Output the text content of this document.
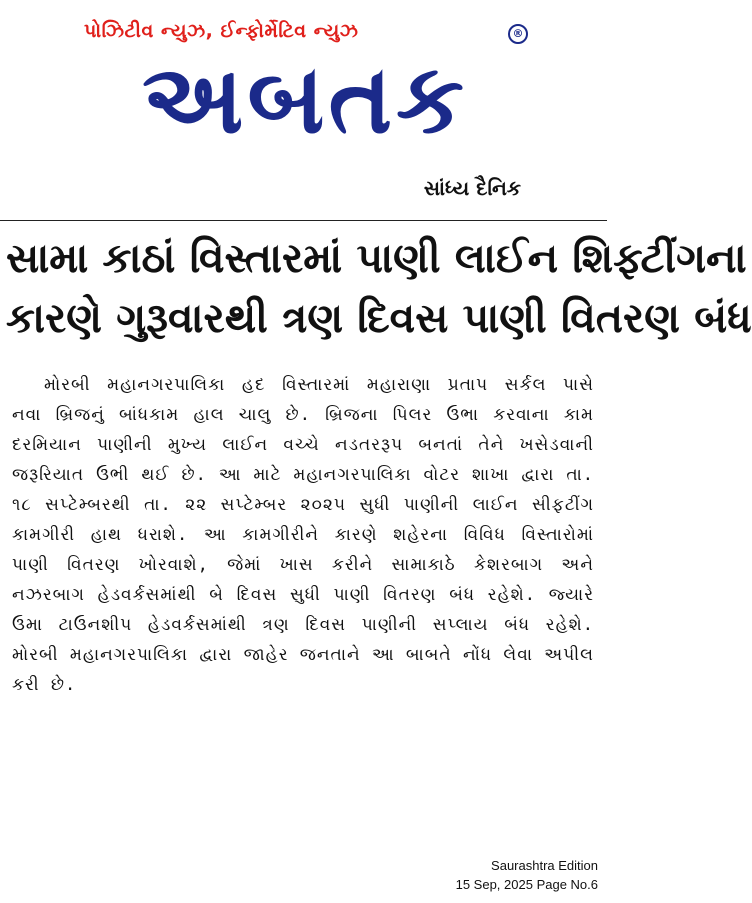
પોઝિટીવ ન્યુઝ, ઈન્ફોર્મેટિવ ન્યુઝ	®
અબતક
સાંધ્ય દૈનિક
સામા કાઠાં વિસ્તારમાં પાણી લાઈન શિફ્ટીંગના
કારણે ગુરૂવારથી ત્રણ દિવસ પાણી વિતરણ બંધ
મોરબી મહાનગરપાલિકા હદ વિસ્તારમાં મહારાણા પ્રતાપ સર્કલ પાસે નવા બ્રિજનું બાંધકામ હાલ ચાલુ છે. બ્રિજના પિલર ઉભા કરવાના કામ દરમિયાન પાણીની મુખ્ય લાઈન વચ્ચે નડતરરૂપ બનતાં તેને ખસેડવાની જરૂરિયાત ઉભી થઈ છે. આ માટે મહાનગરપાલિકા વોટર શાખા દ્વારા તા. ૧૮ સપ્ટેમ્બરથી તા. ૨૨ સપ્ટેમ્બર ૨૦૨૫ સુધી પાણીની લાઈન સીફટીંગ કામગીરી હાથ ધરાશે. આ કામગીરીને કારણે શહેરના વિવિધ વિસ્તારોમાં પાણી વિતરણ ખોરવાશે, જેમાં ખાસ કરીને સામાકાઠે કેશરબાગ અને નઝરબાગ હેડવર્કસમાંથી બે દિવસ સુધી પાણી વિતરણ બંધ રહેશે. જ્યારે ઉમા ટાઉનશીપ હેડવર્કસમાંથી ત્રણ દિવસ પાણીની સપ્લાય બંધ રહેશે. મોરબી મહાનગરપાલિકા દ્વારા જાહેર જનતાને આ બાબતે નોંધ લેવા અપીલ કરી છે.
Saurashtra Edition
15 Sep, 2025 Page No.6
